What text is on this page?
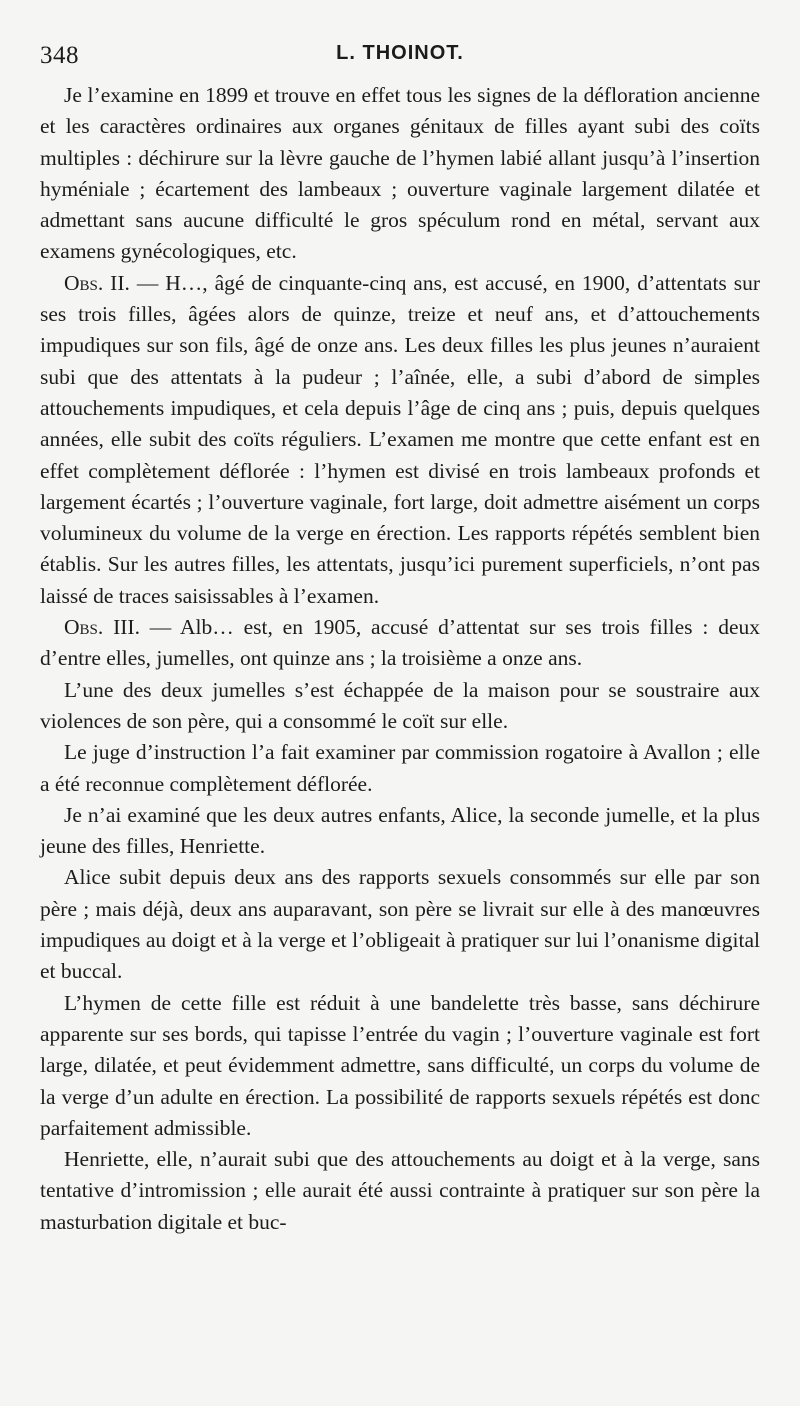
348	L. THOINOT.

Je l’examine en 1899 et trouve en effet tous les signes de la défloration ancienne et les caractères ordinaires aux organes génitaux de filles ayant subi des coïts multiples : déchirure sur la lèvre gauche de l’hymen labié allant jusqu’à l’insertion hyméniale ; écartement des lambeaux ; ouverture vaginale largement dilatée et admettant sans aucune difficulté le gros spéculum rond en métal, servant aux examens gynécologiques, etc.

Obs. II. — H…, âgé de cinquante-cinq ans, est accusé, en 1900, d’attentats sur ses trois filles, âgées alors de quinze, treize et neuf ans, et d’attouchements impudiques sur son fils, âgé de onze ans. Les deux filles les plus jeunes n’auraient subi que des attentats à la pudeur ; l’aînée, elle, a subi d’abord de simples attouchements impudiques, et cela depuis l’âge de cinq ans ; puis, depuis quelques années, elle subit des coïts réguliers. L’examen me montre que cette enfant est en effet complètement déflorée : l’hymen est divisé en trois lambeaux profonds et largement écartés ; l’ouverture vaginale, fort large, doit admettre aisément un corps volumineux du volume de la verge en érection. Les rapports répétés semblent bien établis. Sur les autres filles, les attentats, jusqu’ici purement superficiels, n’ont pas laissé de traces saisissables à l’examen.

Obs. III. — Alb… est, en 1905, accusé d’attentat sur ses trois filles : deux d’entre elles, jumelles, ont quinze ans ; la troisième a onze ans.

L’une des deux jumelles s’est échappée de la maison pour se soustraire aux violences de son père, qui a consommé le coït sur elle.

Le juge d’instruction l’a fait examiner par commission rogatoire à Avallon ; elle a été reconnue complètement déflorée.

Je n’ai examiné que les deux autres enfants, Alice, la seconde jumelle, et la plus jeune des filles, Henriette.

Alice subit depuis deux ans des rapports sexuels consommés sur elle par son père ; mais déjà, deux ans auparavant, son père se livrait sur elle à des manœuvres impudiques au doigt et à la verge et l’obligeait à pratiquer sur lui l’onanisme digital et buccal.

L’hymen de cette fille est réduit à une bandelette très basse, sans déchirure apparente sur ses bords, qui tapisse l’entrée du vagin ; l’ouverture vaginale est fort large, dilatée, et peut évidemment admettre, sans difficulté, un corps du volume de la verge d’un adulte en érection. La possibilité de rapports sexuels répétés est donc parfaitement admissible.

Henriette, elle, n’aurait subi que des attouchements au doigt et à la verge, sans tentative d’intromission ; elle aurait été aussi contrainte à pratiquer sur son père la masturbation digitale et buc-
